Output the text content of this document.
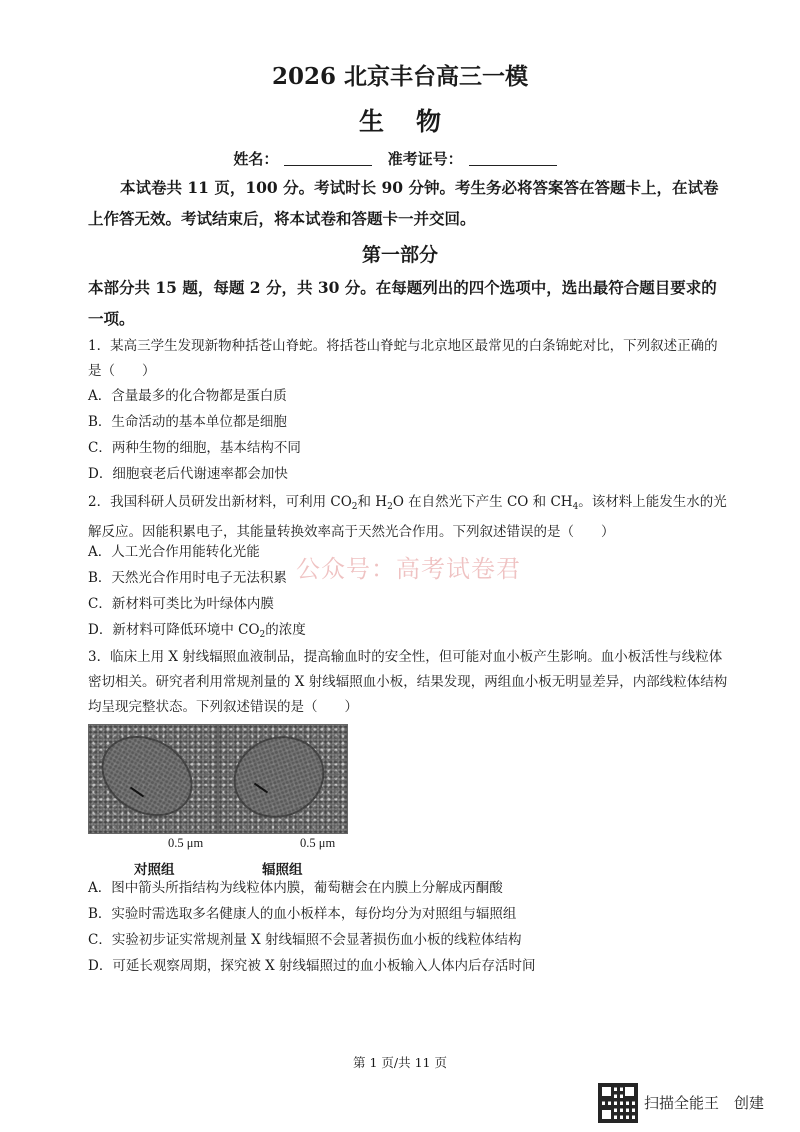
2026 北京丰台高三一模
生物
姓名：	准考证号：
本试卷共 11 页，100 分。考试时长 90 分钟。考生务必将答案答在答题卡上，在试卷上作答无效。考试结束后，将本试卷和答题卡一并交回。
第一部分
本部分共 15 题，每题 2 分，共 30 分。在每题列出的四个选项中，选出最符合题目要求的一项。
1．某高三学生发现新物种括苍山脊蛇。将括苍山脊蛇与北京地区最常见的白条锦蛇对比，下列叙述正确的是（　　）
A．含量最多的化合物都是蛋白质
B．生命活动的基本单位都是细胞
C．两种生物的细胞，基本结构不同
D．细胞衰老后代谢速率都会加快
2．我国科研人员研发出新材料，可利用 $CO_2$和 $H_2O$ 在自然光下产生 CO 和 $CH_4$。该材料上能发生水的光解反应。因能积累电子，其能量转换效率高于天然光合作用。下列叙述错误的是（　　）
A．人工光合作用能转化光能
B．天然光合作用时电子无法积累
C．新材料可类比为叶绿体内膜
D．新材料可降低环境中 $CO_2$的浓度
公众号：高考试卷君
3．临床上用 X 射线辐照血液制品，提高输血时的安全性，但可能对血小板产生影响。血小板活性与线粒体密切相关。研究者利用常规剂量的 X 射线辐照血小板，结果发现，两组血小板无明显差异，内部线粒体结构均呈现完整状态。下列叙述错误的是（　　）
0.5 μm	0.5 μm
对照组	辐照组
A．图中箭头所指结构为线粒体内膜，葡萄糖会在内膜上分解成丙酮酸
B．实验时需选取多名健康人的血小板样本，每份均分为对照组与辐照组
C．实验初步证实常规剂量 X 射线辐照不会显著损伤血小板的线粒体结构
D．可延长观察周期，探究被 X 射线辐照过的血小板输入人体内后存活时间
第 1 页/共 11 页
扫描全能王　创建
